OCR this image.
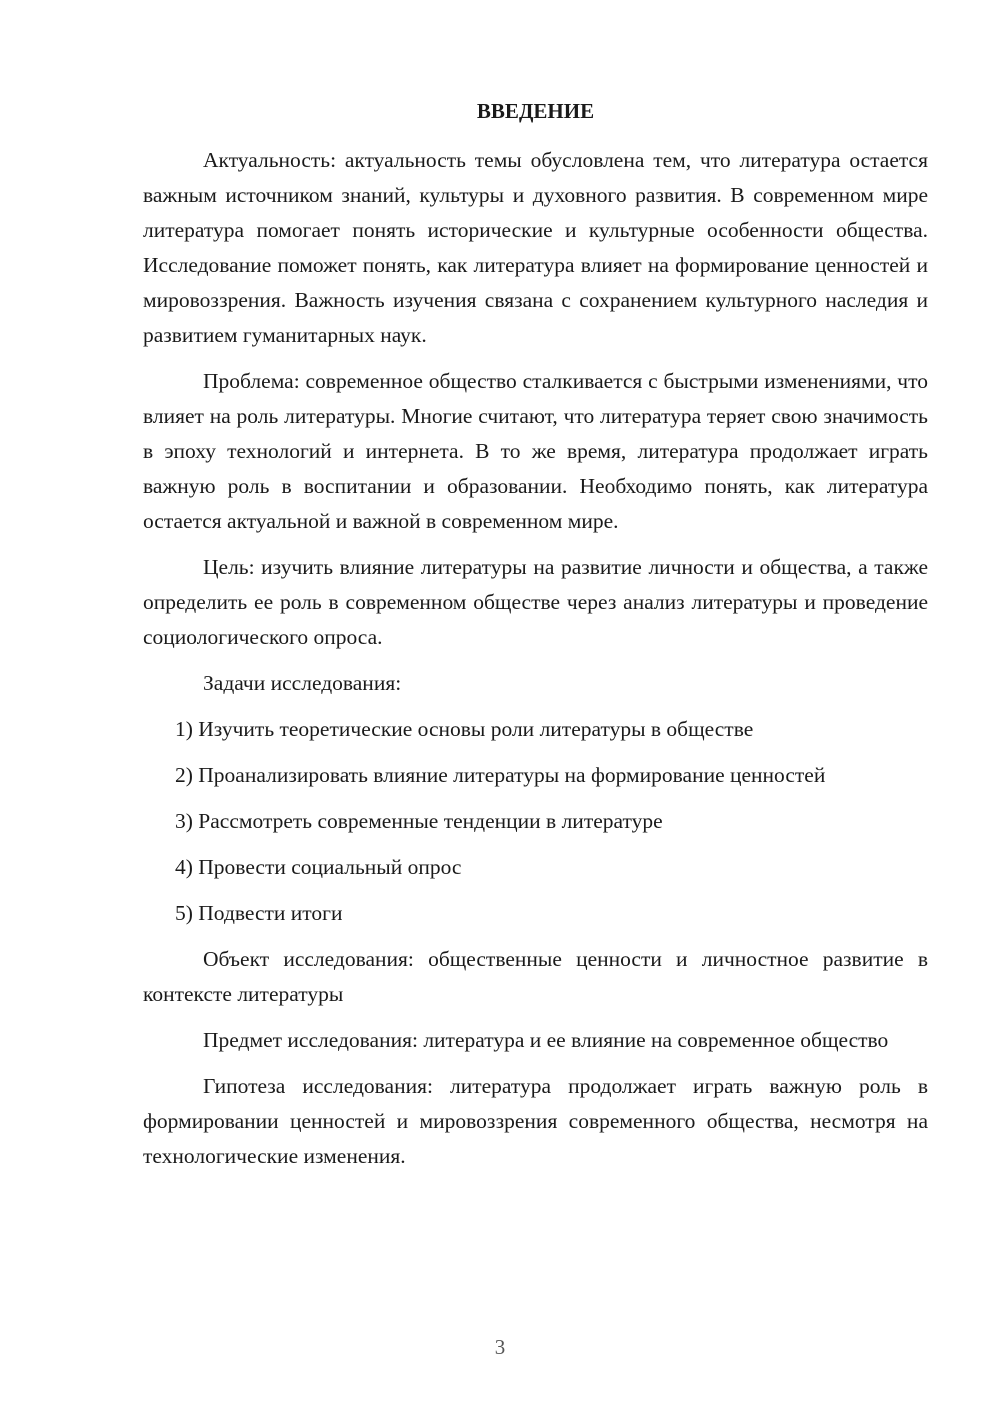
ВВЕДЕНИЕ

Актуальность: актуальность темы обусловлена тем, что литература остается важным источником знаний, культуры и духовного развития. В современном мире литература помогает понять исторические и культурные особенности общества. Исследование поможет понять, как литература влияет на формирование ценностей и мировоззрения. Важность изучения связана с сохранением культурного наследия и развитием гуманитарных наук.

Проблема: современное общество сталкивается с быстрыми изменениями, что влияет на роль литературы. Многие считают, что литература теряет свою значимость в эпоху технологий и интернета. В то же время, литература продолжает играть важную роль в воспитании и образовании. Необходимо понять, как литература остается актуальной и важной в современном мире.

Цель: изучить влияние литературы на развитие личности и общества, а также определить ее роль в современном обществе через анализ литературы и проведение социологического опроса.

Задачи исследования:

1) Изучить теоретические основы роли литературы в обществе

2) Проанализировать влияние литературы на формирование ценностей

3) Рассмотреть современные тенденции в литературе

4) Провести социальный опрос

5) Подвести итоги

Объект исследования: общественные ценности и личностное развитие в контексте литературы

Предмет исследования: литература и ее влияние на современное общество

Гипотеза исследования: литература продолжает играть важную роль в формировании ценностей и мировоззрения современного общества, несмотря на технологические изменения.

3
